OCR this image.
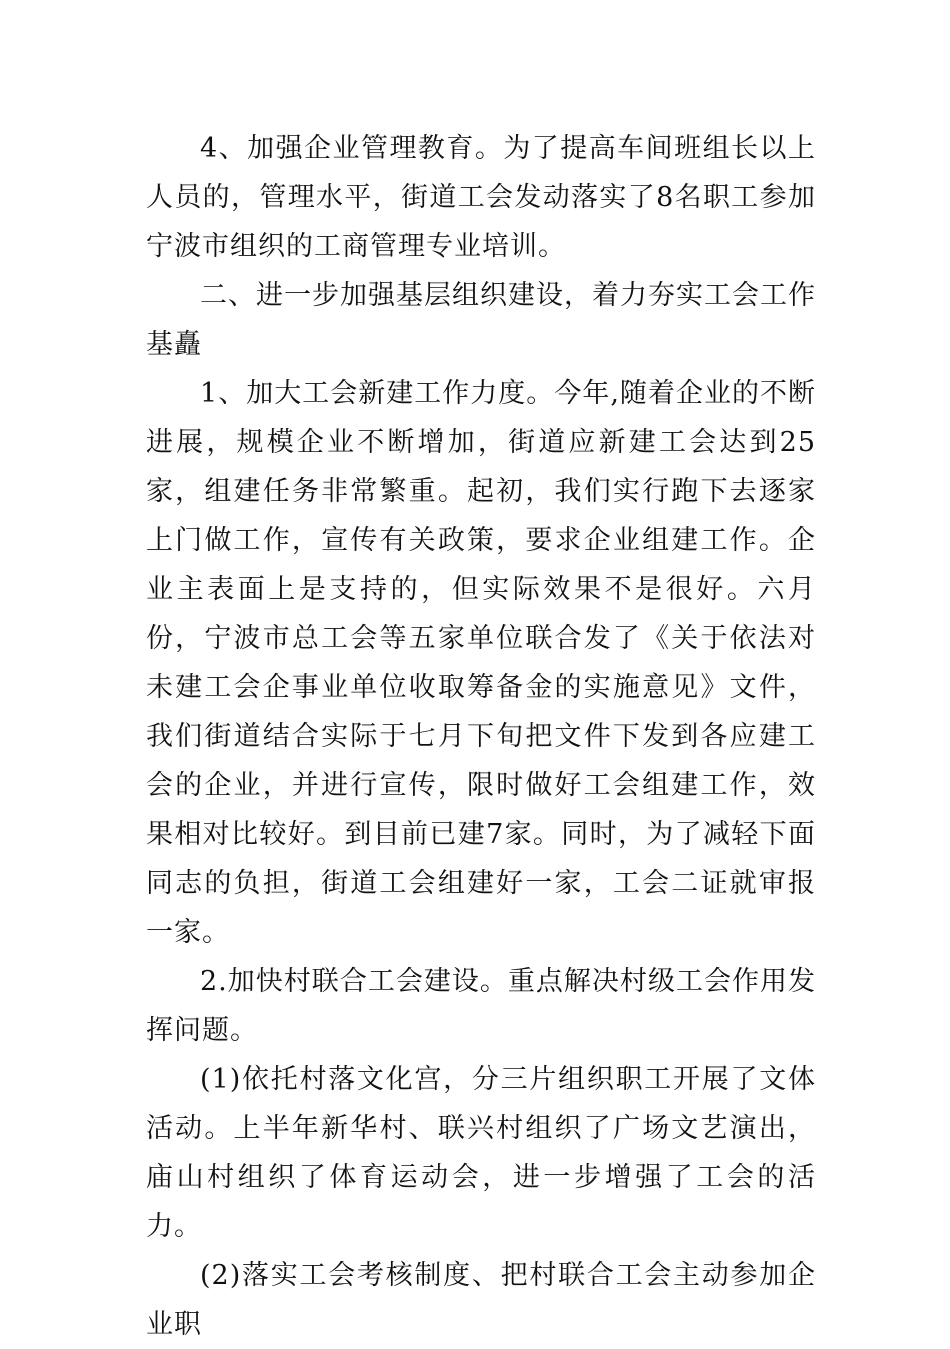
4、加强企业管理教育。为了提高车间班组长以上人员的，管理水平，街道工会发动落实了8名职工参加宁波市组织的工商管理专业培训。

二、进一步加强基层组织建设，着力夯实工会工作基矗

1、加大工会新建工作力度。今年,随着企业的不断进展，规模企业不断增加，街道应新建工会达到25家，组建任务非常繁重。起初，我们实行跑下去逐家上门做工作，宣传有关政策，要求企业组建工作。企业主表面上是支持的，但实际效果不是很好。六月份，宁波市总工会等五家单位联合发了《关于依法对未建工会企事业单位收取筹备金的实施意见》文件，我们街道结合实际于七月下旬把文件下发到各应建工会的企业，并进行宣传，限时做好工会组建工作，效果相对比较好。到目前已建7家。同时，为了减轻下面同志的负担，街道工会组建好一家，工会二证就审报一家。

2.加快村联合工会建设。重点解决村级工会作用发挥问题。

(1)依托村落文化宫，分三片组织职工开展了文体活动。上半年新华村、联兴村组织了广场文艺演出，庙山村组织了体育运动会，进一步增强了工会的活力。

(2)落实工会考核制度、把村联合工会主动参加企业职
